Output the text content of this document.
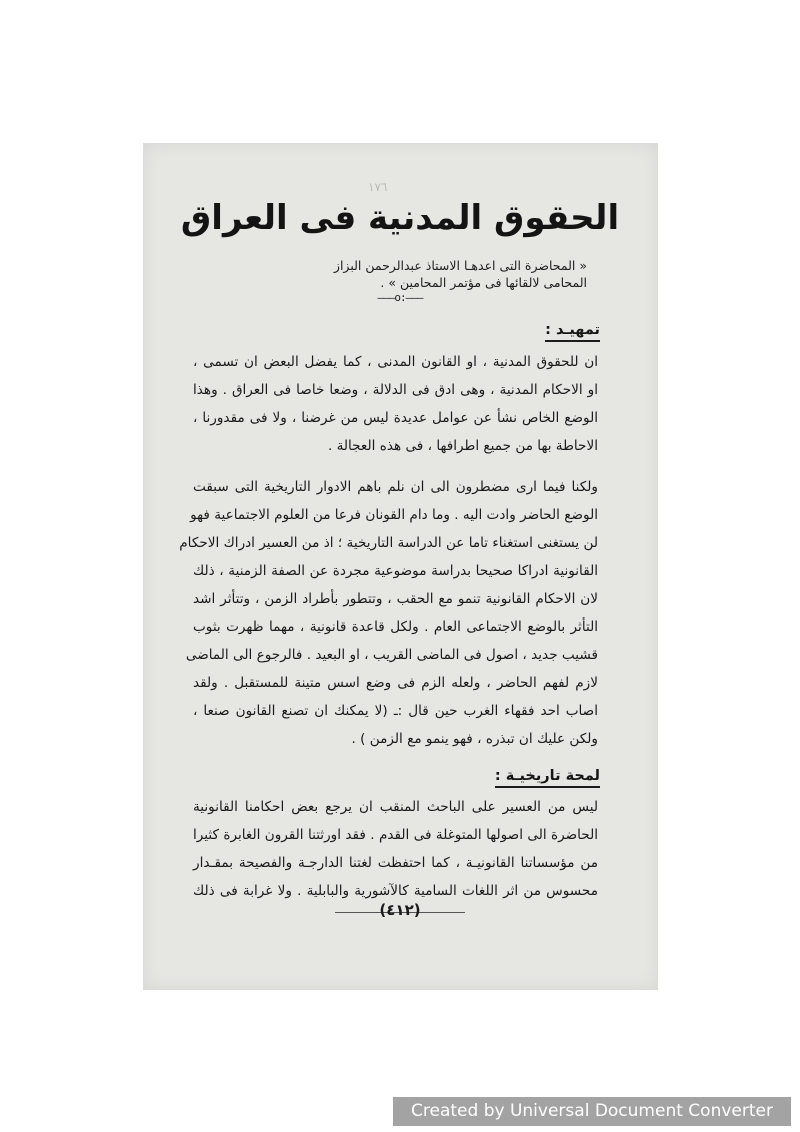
١٧٦
الحقوق المدنية فى العراق
« المحاضرة التى اعدهـا الاستاذ عبدالرحمن البزاز
المحامى لالقائها فى مؤتمر المحامين » .
———o:———
تمهيـد :
ان للحقوق المدنية ، او القانون المدنى ، كما يفضل البعض ان تسمى ،
او الاحكام المدنية ، وهى ادق فى الدلالة ، وضعا خاصا فى العراق . وهذا
الوضع الخاص نشأ عن عوامل عديدة ليس من غرضنا ، ولا فى مقدورنا ،
الاحاطة بها من جميع اطرافها ، فى هذه العجالة .
ولكنا فيما ارى مضطرون الى ان نلم باهم الادوار التاريخية التى سبقت
الوضع الحاضر وادت اليه . وما دام القونان فرعا من العلوم الاجتماعية فهو
لن يستغنى استغناء تاما عن الدراسة التاريخية ؛ اذ من العسير ادراك الاحكام
القانونية ادراكا صحيحا بدراسة موضوعية مجردة عن الصفة الزمنية ، ذلك
لان الاحكام القانونية تنمو مع الحقب ، وتتطور بأطراد الزمن ، وتتأثر اشد
التأثر بالوضع الاجتماعى العام . ولكل قاعدة قانونية ، مهما ظهرت بثوب
قشيب جديد ، اصول فى الماضى القريب ، او البعيد . فالرجوع الى الماضى
لازم لفهم الحاضر ، ولعله الزم فى وضع اسس متينة للمستقبل . ولقد
اصاب احد فقهاء الغرب حين قال :ـ (لا يمكنك ان تصنع القانون صنعا ،
ولكن عليك ان تبذره ، فهو ينمو مع الزمن ) .
لمحة تاريخيـة :
ليس من العسير على الباحث المنقب ان يرجع بعض احكامنا القانونية
الحاضرة الى اصولها المتوغلة فى القدم . فقد اورثتنا القرون الغابرة كثيرا
من مؤسساتنا القانونيـة ، كما احتفظت لغتنا الدارجـة والفصيحة بمقـدار
محسوس من اثر اللغات السامية كالآشورية والبابلية . ولا غرابة فى ذلك
(٤١٢)
Created by Universal Document Converter
